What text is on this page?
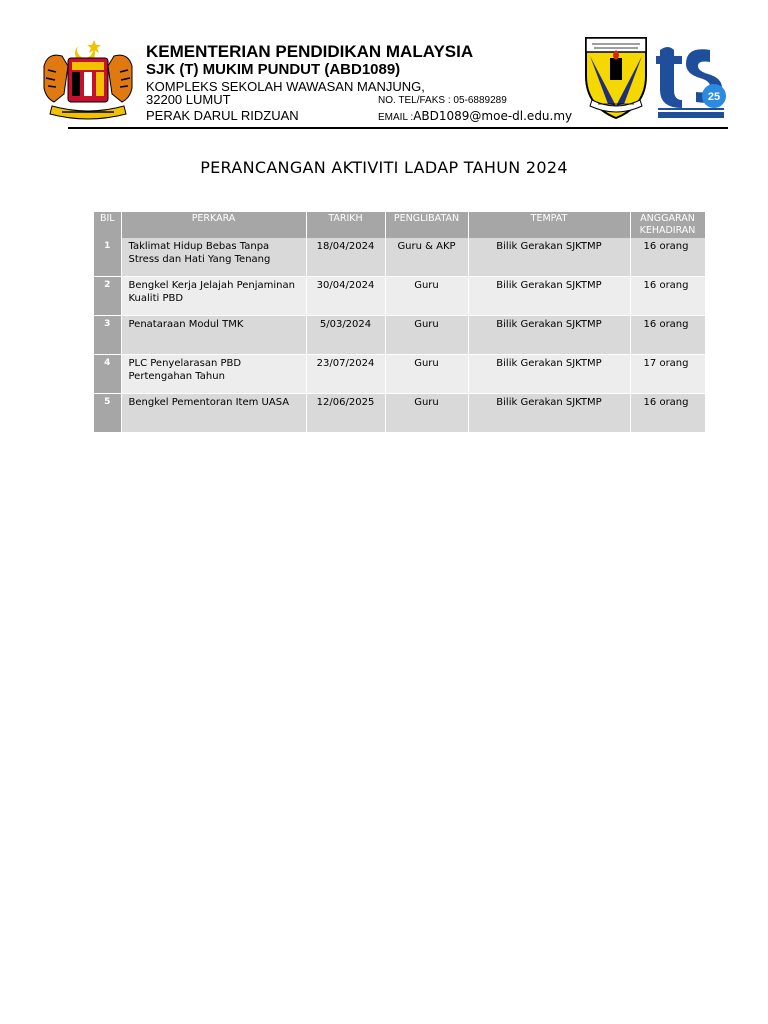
KEMENTERIAN PENDIDIKAN MALAYSIA
SJK (T) MUKIM PUNDUT (ABD1089)
KOMPLEKS SEKOLAH WAWASAN MANJUNG,
32200 LUMUT
PERAK DARUL RIDZUAN
NO. TEL/FAKS : 05-6889289
EMAIL :ABD1089@moe-dl.edu.my
25
PERANCANGAN AKTIVITI LADAP TAHUN 2024
BIL	PERKARA	TARIKH	PENGLIBATAN	TEMPAT	ANGGARAN KEHADIRAN
1	Taklimat Hidup Bebas Tanpa Stress dan Hati Yang Tenang	18/04/2024	Guru & AKP	Bilik Gerakan SJKTMP	16 orang
2	Bengkel Kerja Jelajah Penjaminan Kualiti PBD	30/04/2024	Guru	Bilik Gerakan SJKTMP	16 orang
3	Penataraan Modul TMK	5/03/2024	Guru	Bilik Gerakan SJKTMP	16 orang
4	PLC Penyelarasan PBD Pertengahan Tahun	23/07/2024	Guru	Bilik Gerakan SJKTMP	17 orang
5	Bengkel Pementoran Item UASA	12/06/2025	Guru	Bilik Gerakan SJKTMP	16 orang
